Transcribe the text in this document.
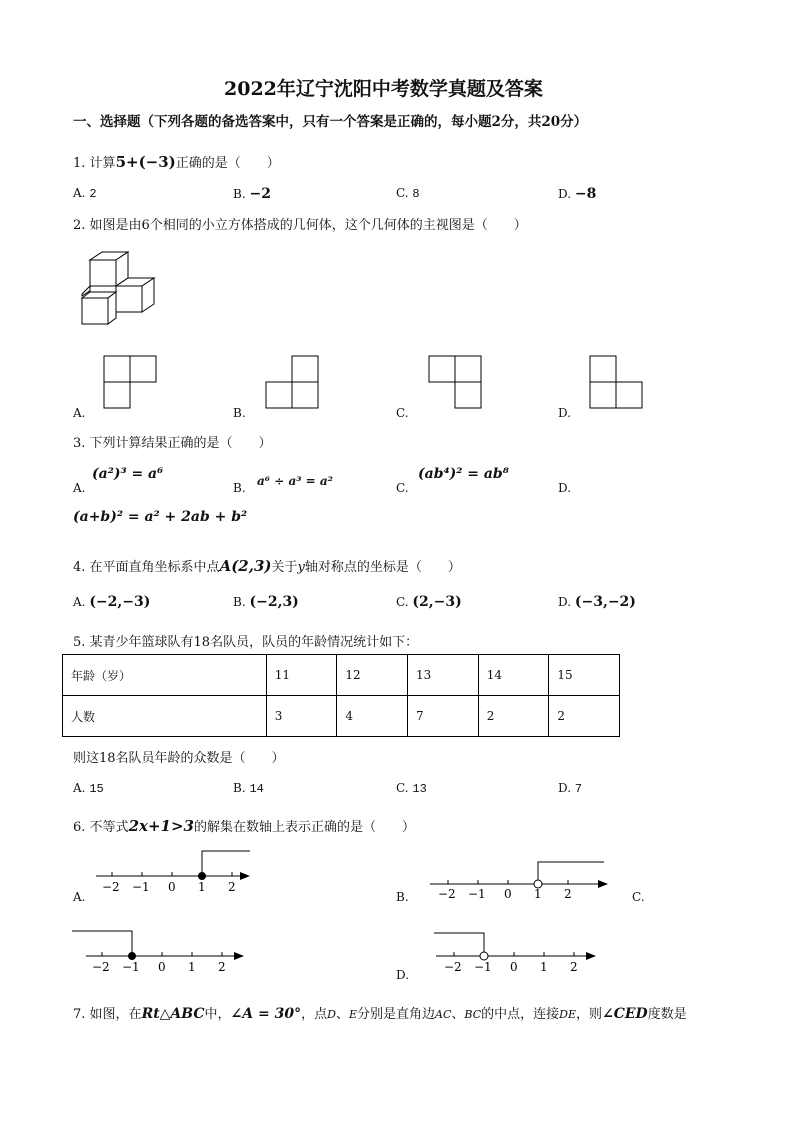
2022年辽宁沈阳中考数学真题及答案
一、选择题（下列各题的备选答案中，只有一个答案是正确的，每小题2分，共20分）
1. 计算5+(−3)正确的是（　　）
A. 2	B. −2	C. 8	D. −8
2. 如图是由6个相同的小立方体搭成的几何体，这个几何体的主视图是（　　）
A.	B.	C.	D.
3. 下列计算结果正确的是（　　）
A.
(a²)³ = a⁶
B. a⁶ ÷ a³ = a²	C.
(ab⁴)² = ab⁸
D.
(a+b)² = a² + 2ab + b²
4. 在平面直角坐标系中点A(2,3)关于y轴对称点的坐标是（　　）
A. (−2,−3)	B. (−2,3)	C. (2,−3)	D. (−3,−2)
5. 某青少年篮球队有18名队员，队员的年龄情况统计如下：
年龄（岁）	11	12	13	14	15
人数	3	4	7	2	2
则这18名队员年龄的众数是（　　）
A. 15	B. 14	C. 13	D. 7
6. 不等式2x+1>3的解集在数轴上表示正确的是（　　）
−2 −1 0 1 2
A.	−2 −1 0 1 2
B.	C.
−2 −1 0 1 2	−2 −1 0 1 2
D.
7. 如图，在Rt△ABC中，∠A = 30°，点D、E分别是直角边AC、BC的中点，连接DE，则∠CED度数是
